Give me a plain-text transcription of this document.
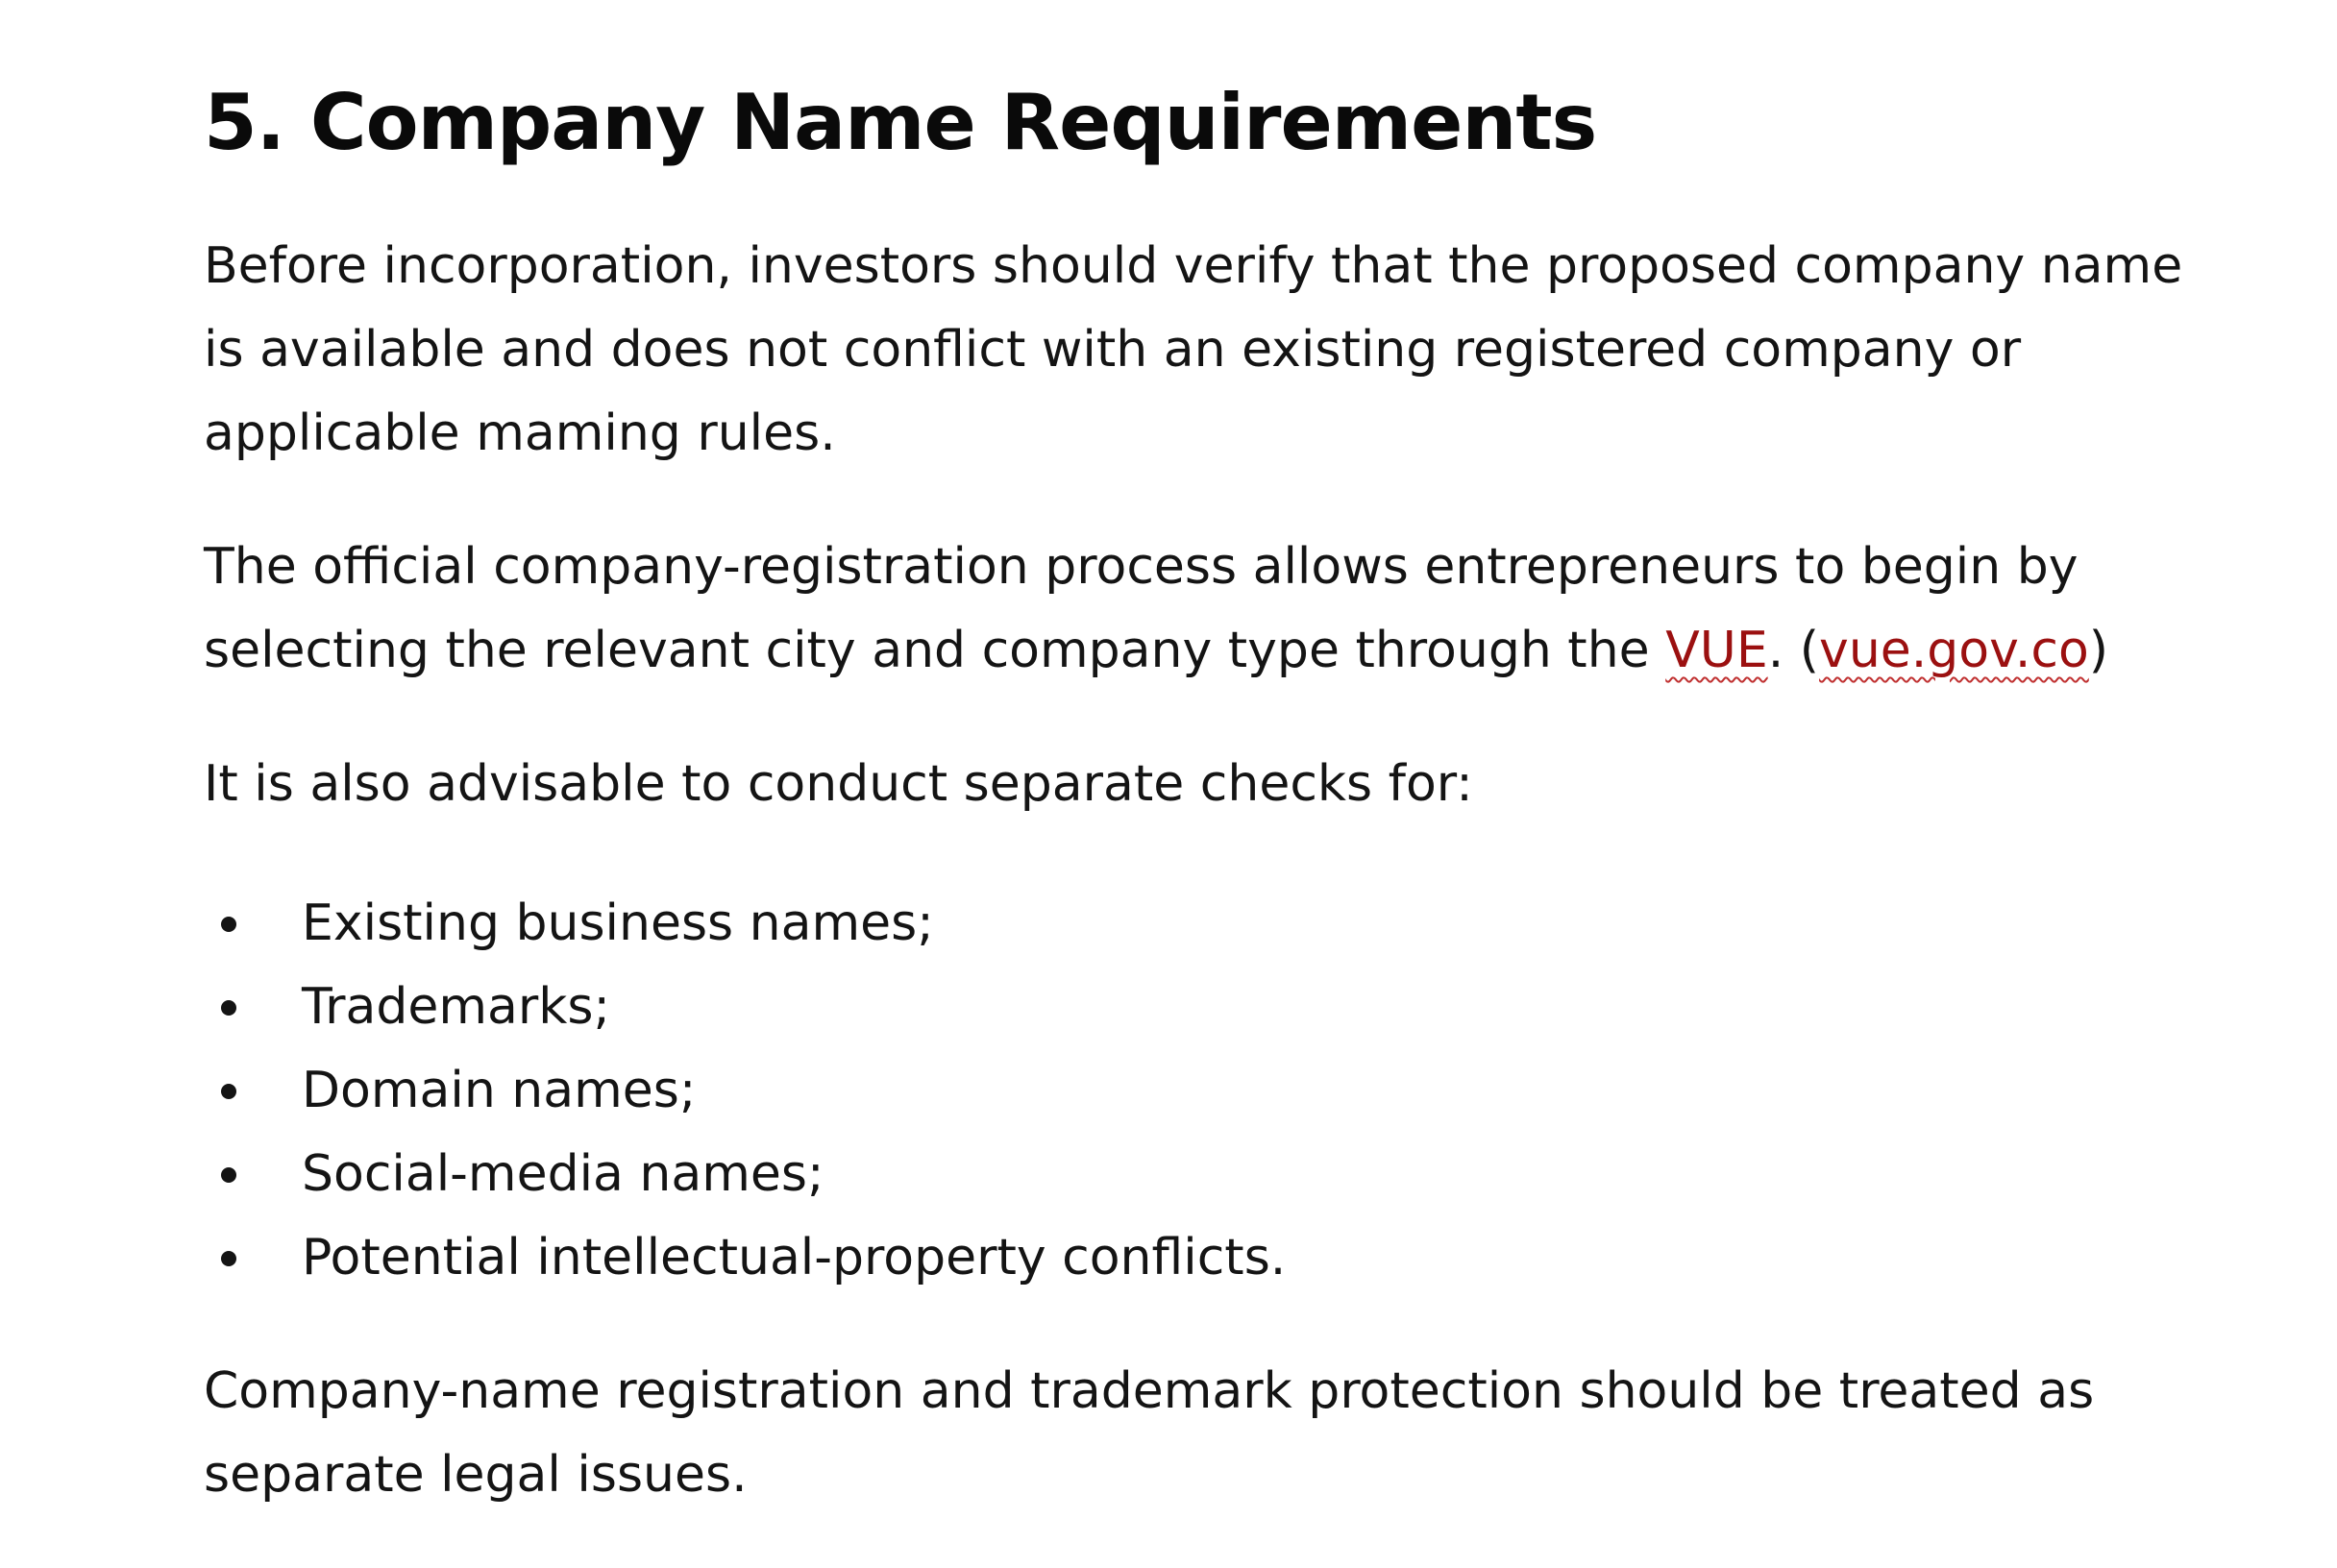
5. Company Name Requirements

Before incorporation, investors should verify that the proposed company name is available and does not conflict with an existing registered company or applicable maming rules.

The official company-registration process allows entrepreneurs to begin by selecting the relevant city and company type through the VUE. (vue.gov.co)

It is also advisable to conduct separate checks for:

Existing business names;
Trademarks;
Domain names;
Social-media names;
Potential intellectual-property conflicts.

Company-name registration and trademark protection should be treated as separate legal issues.
